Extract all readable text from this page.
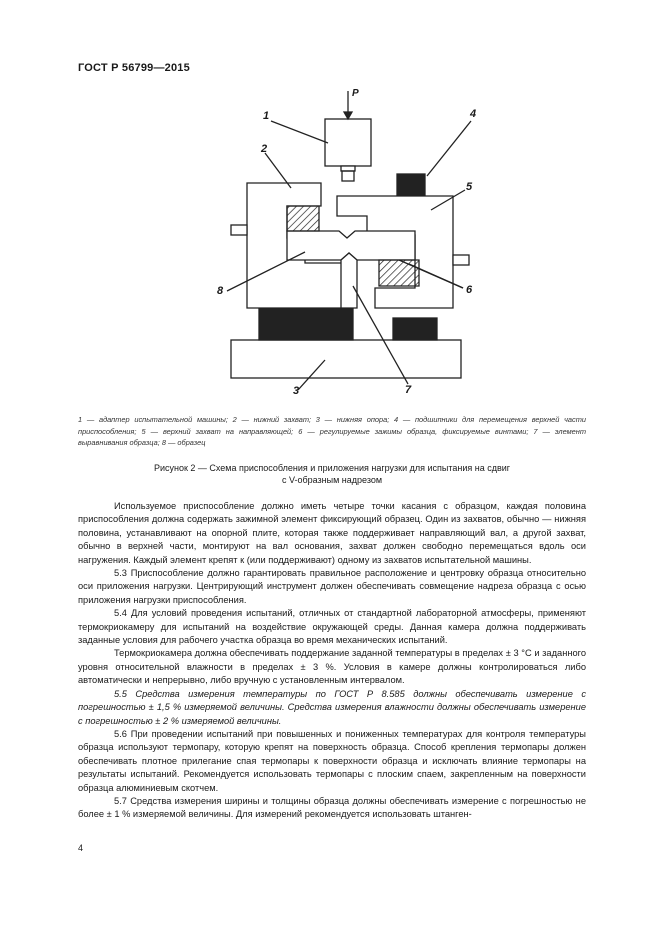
ГОСТ Р 56799—2015
P
1
2
3
4
5
6
7
8
1 — адаптер испытательной машины; 2 — нижний захват; 3 — нижняя опора; 4 — подшипники для перемещения верхней части приспособления; 5 — верхний захват на направляющей; 6 — регулируемые зажимы образца, фиксируемые винтами; 7 — элемент выравнивания образца; 8 — образец
Рисунок 2 — Схема приспособления и приложения нагрузки для испытания на сдвиг
с V-образным надрезом

Используемое приспособление должно иметь четыре точки касания с образцом, каждая половина приспособления должна содержать зажимной элемент фиксирующий образец. Один из захватов, обычно — нижняя половина, устанавливают на опорной плите, которая также поддерживает направляющий вал, а другой захват, обычно в верхней части, монтируют на вал основания, захват должен свободно перемещаться вдоль оси нагружения. Каждый элемент крепят к (или поддерживают) одному из захватов испытательной машины.

5.3 Приспособление должно гарантировать правильное расположение и центровку образца относительно оси приложения нагрузки. Центрирующий инструмент должен обеспечивать совмещение надреза образца с осью приложения нагрузки приспособления.

5.4 Для условий проведения испытаний, отличных от стандартной лабораторной атмосферы, применяют термокриокамеру для испытаний на воздействие окружающей среды. Данная камера должна поддерживать заданные условия для рабочего участка образца во время механических испытаний.

Термокриокамера должна обеспечивать поддержание заданной температуры в пределах ± 3 °С и заданного уровня относительной влажности в пределах ± 3 %. Условия в камере должны контролироваться либо автоматически и непрерывно, либо вручную с установленным интервалом.

5.5 Средства измерения температуры по ГОСТ Р 8.585 должны обеспечивать измерение с погрешностью ± 1,5 % измеряемой величины. Средства измерения влажности должны обеспечивать измерение с погрешностью ± 2 % измеряемой величины.

5.6 При проведении испытаний при повышенных и пониженных температурах для контроля температуры образца используют термопару, которую крепят на поверхность образца. Способ крепления термопары должен обеспечивать плотное прилегание спая термопары к поверхности образца и исключать влияние термопары на результаты испытаний. Рекомендуется использовать термопары с плоским спаем, закрепленным на поверхности образца алюминиевым скотчем.

5.7 Средства измерения ширины и толщины образца должны обеспечивать измерение с погрешностью не более ± 1 % измеряемой величины. Для измерений рекомендуется использовать штанген-

4
